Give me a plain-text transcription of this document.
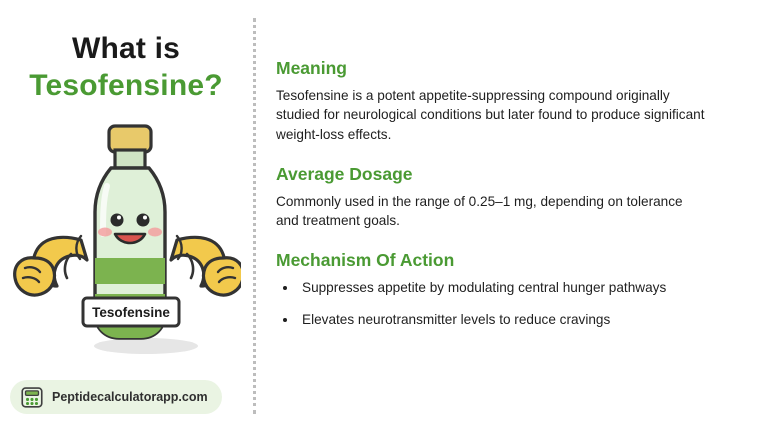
What is
Tesofensine?
Tesofensine
Peptidecalculatorapp.com
Meaning

Tesofensine is a potent appetite-suppressing compound originally studied for neurological conditions but later found to produce significant weight-loss effects.

Average Dosage

Commonly used in the range of 0.25–1 mg, depending on tolerance and treatment goals.

Mechanism Of Action
• Suppresses appetite by modulating central hunger pathways
• Elevates neurotransmitter levels to reduce cravings
